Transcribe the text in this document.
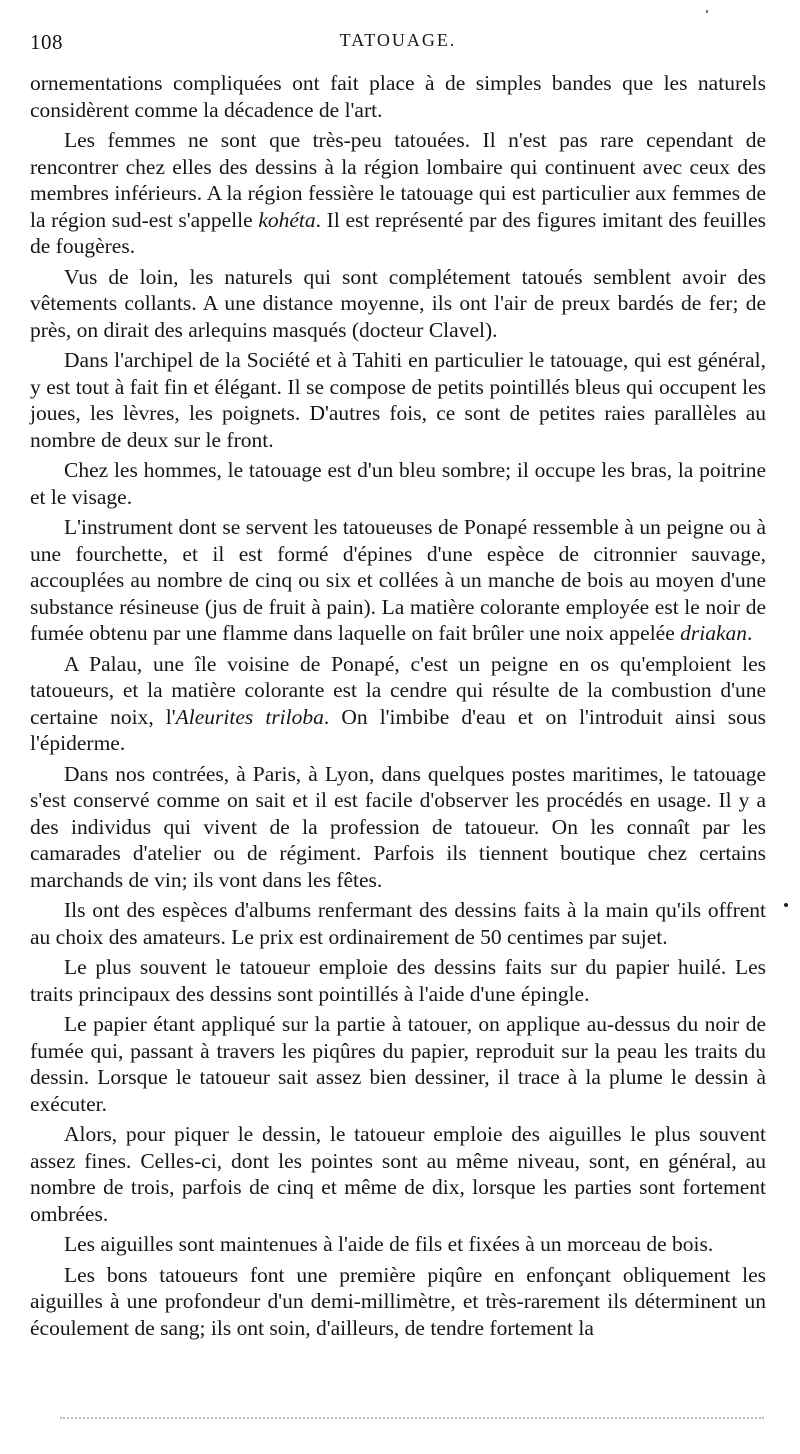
108	TATOUAGE.

ornementations compliquées ont fait place à de simples bandes que les naturels considèrent comme la décadence de l'art.

Les femmes ne sont que très-peu tatouées. Il n'est pas rare cependant de rencontrer chez elles des dessins à la région lombaire qui continuent avec ceux des membres inférieurs. A la région fessière le tatouage qui est particulier aux femmes de la région sud-est s'appelle kohéta. Il est représenté par des figures imitant des feuilles de fougères.

Vus de loin, les naturels qui sont complétement tatoués semblent avoir des vêtements collants. A une distance moyenne, ils ont l'air de preux bardés de fer; de près, on dirait des arlequins masqués (docteur Clavel).

Dans l'archipel de la Société et à Tahiti en particulier le tatouage, qui est général, y est tout à fait fin et élégant. Il se compose de petits pointillés bleus qui occupent les joues, les lèvres, les poignets. D'autres fois, ce sont de petites raies parallèles au nombre de deux sur le front.

Chez les hommes, le tatouage est d'un bleu sombre; il occupe les bras, la poitrine et le visage.

L'instrument dont se servent les tatoueuses de Ponapé ressemble à un peigne ou à une fourchette, et il est formé d'épines d'une espèce de citronnier sauvage, accouplées au nombre de cinq ou six et collées à un manche de bois au moyen d'une substance résineuse (jus de fruit à pain). La matière colorante employée est le noir de fumée obtenu par une flamme dans laquelle on fait brûler une noix appelée driakan.

A Palau, une île voisine de Ponapé, c'est un peigne en os qu'emploient les tatoueurs, et la matière colorante est la cendre qui résulte de la combustion d'une certaine noix, l'Aleurites triloba. On l'imbibe d'eau et on l'introduit ainsi sous l'épiderme.

Dans nos contrées, à Paris, à Lyon, dans quelques postes maritimes, le tatouage s'est conservé comme on sait et il est facile d'observer les procédés en usage. Il y a des individus qui vivent de la profession de tatoueur. On les connaît par les camarades d'atelier ou de régiment. Parfois ils tiennent boutique chez certains marchands de vin; ils vont dans les fêtes.

Ils ont des espèces d'albums renfermant des dessins faits à la main qu'ils offrent au choix des amateurs. Le prix est ordinairement de 50 centimes par sujet.

Le plus souvent le tatoueur emploie des dessins faits sur du papier huilé. Les traits principaux des dessins sont pointillés à l'aide d'une épingle.

Le papier étant appliqué sur la partie à tatouer, on applique au-dessus du noir de fumée qui, passant à travers les piqûres du papier, reproduit sur la peau les traits du dessin. Lorsque le tatoueur sait assez bien dessiner, il trace à la plume le dessin à exécuter.

Alors, pour piquer le dessin, le tatoueur emploie des aiguilles le plus souvent assez fines. Celles-ci, dont les pointes sont au même niveau, sont, en général, au nombre de trois, parfois de cinq et même de dix, lorsque les parties sont fortement ombrées.

Les aiguilles sont maintenues à l'aide de fils et fixées à un morceau de bois.

Les bons tatoueurs font une première piqûre en enfonçant obliquement les aiguilles à une profondeur d'un demi-millimètre, et très-rarement ils déterminent un écoulement de sang; ils ont soin, d'ailleurs, de tendre fortement la
